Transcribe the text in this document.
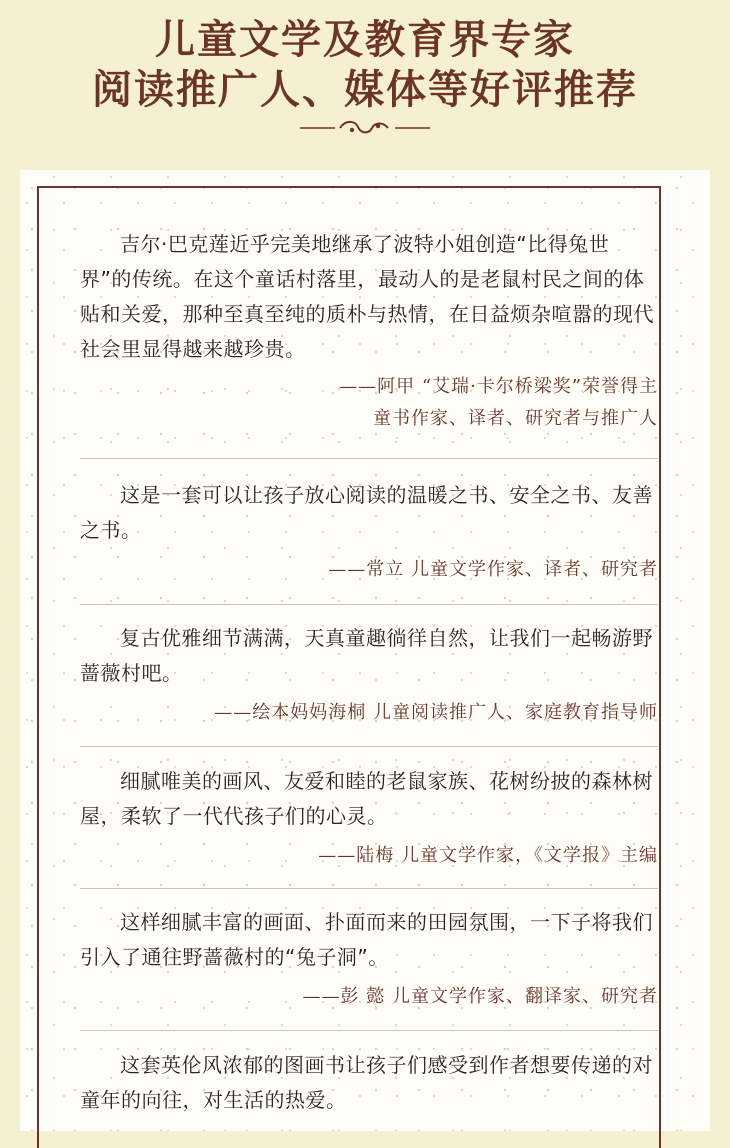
儿童文学及教育界专家
阅读推广人、媒体等好评推荐

吉尔·巴克莲近乎完美地继承了波特小姐创造“比得兔世界”的传统。在这个童话村落里，最动人的是老鼠村民之间的体贴和关爱，那种至真至纯的质朴与热情，在日益烦杂喧嚣的现代社会里显得越来越珍贵。

——阿甲 “艾瑞·卡尔桥梁奖”荣誉得主
童书作家、译者、研究者与推广人

这是一套可以让孩子放心阅读的温暖之书、安全之书、友善之书。

——常立 儿童文学作家、译者、研究者

复古优雅细节满满，天真童趣徜徉自然，让我们一起畅游野蔷薇村吧。

——绘本妈妈海桐 儿童阅读推广人、家庭教育指导师

细腻唯美的画风、友爱和睦的老鼠家族、花树纷披的森林树屋，柔软了一代代孩子们的心灵。

——陆梅 儿童文学作家，《文学报》主编

这样细腻丰富的画面、扑面而来的田园氛围，一下子将我们引入了通往野蔷薇村的“兔子洞”。

——彭 懿 儿童文学作家、翻译家、研究者

这套英伦风浓郁的图画书让孩子们感受到作者想要传递的对童年的向往，对生活的热爱。
